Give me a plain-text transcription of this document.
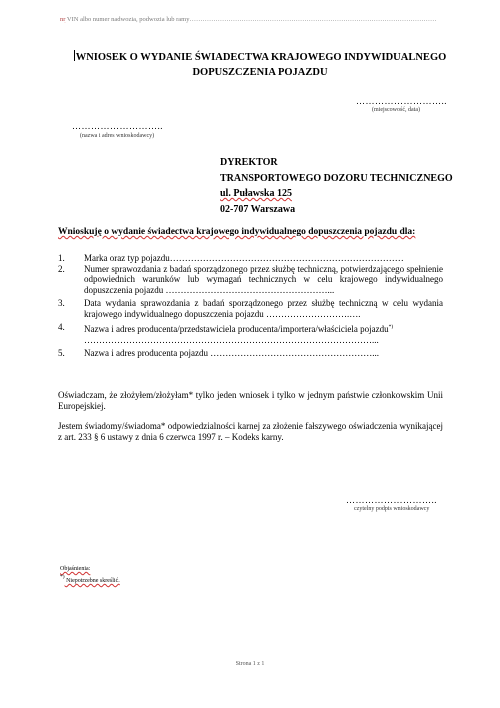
nr VIN albo numer nadwozia, podwozia lub ramy……………………………………………………………………………………………………
WNIOSEK O WYDANIE ŚWIADECTWA KRAJOWEGO INDYWIDUALNEGO
DOPUSZCZENIA POJAZDU
………………………..
(miejscowość, data)
………………………..
(nazwa i adres wnioskodawcy)
DYREKTOR
TRANSPORTOWEGO DOZORU TECHNICZNEGO
ul. Puławska 125
02-707 Warszawa
Wnioskuję o wydanie świadectwa krajowego indywidualnego dopuszczenia pojazdu dla:
1.	Marka oraz typ pojazdu……………………………………………………………………
2.	Numer sprawozdania z badań sporządzonego przez służbę techniczną, potwierdzającego spełnienie odpowiednich warunków lub wymagań technicznych w celu krajowego indywidualnego dopuszczenia pojazdu ………………………………………………...
3.	Data wydania sprawozdania z badań sporządzonego przez służbę techniczną w celu wydania krajowego indywidualnego dopuszczenia pojazdu ……………………….….
4.	Nazwa i adres producenta/przedstawiciela producenta/importera/właściciela pojazdu*)
……………………………………………………………………………………...
5.	Nazwa i adres producenta pojazdu ………………………………………………...
Oświadczam, że złożyłem/złożyłam* tylko jeden wniosek i tylko w jednym państwie członkowskim Unii Europejskiej.
Jestem świadomy/świadoma* odpowiedzialności karnej za złożenie fałszywego oświadczenia wynikającej z art. 233 § 6 ustawy z dnia 6 czerwca 1997 r. – Kodeks karny.
………………………..
czytelny podpis wnioskodawcy
Objaśnienia:
*) Niepotrzebne skreślić.
Strona 1 z 1
